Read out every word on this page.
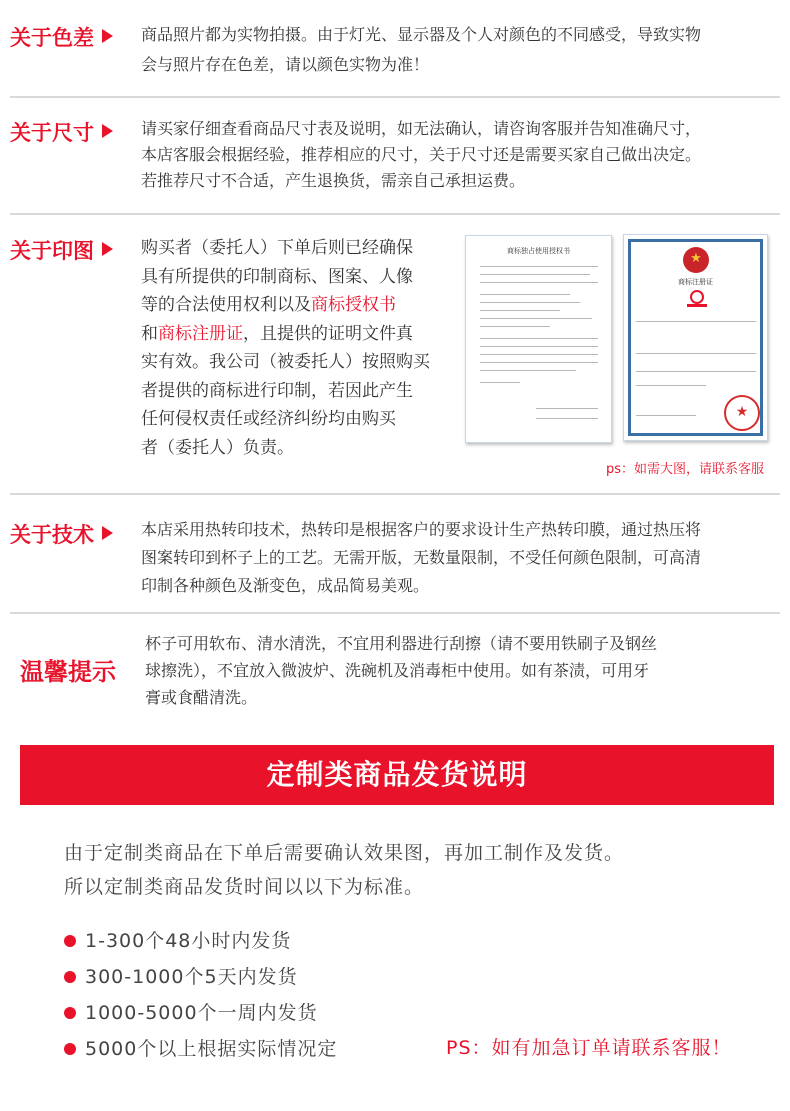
关于色差	商品照片都为实物拍摄。由于灯光、显示器及个人对颜色的不同感受，导致实物
会与照片存在色差，请以颜色实物为准！
关于尺寸	请买家仔细查看商品尺寸表及说明，如无法确认，请咨询客服并告知准确尺寸，
本店客服会根据经验，推荐相应的尺寸，关于尺寸还是需要买家自己做出决定。
若推荐尺寸不合适，产生退换货，需亲自己承担运费。
关于印图	购买者（委托人）下单后则已经确保
具有所提供的印制商标、图案、人像
等的合法使用权利以及商标授权书
和商标注册证，且提供的证明文件真
实有效。我公司（被委托人）按照购买
者提供的商标进行印制，若因此产生
任何侵权责任或经济纠纷均由购买
者（委托人）负责。
商标独占使用授权书
★
商标注册证
★
ps：如需大图，请联系客服
关于技术	本店采用热转印技术，热转印是根据客户的要求设计生产热转印膜，通过热压将
图案转印到杯子上的工艺。无需开版，无数量限制，不受任何颜色限制，可高清
印制各种颜色及渐变色，成品简易美观。
温馨提示
杯子可用软布、清水清洗，不宜用利器进行刮擦（请不要用铁刷子及钢丝
球擦洗），不宜放入微波炉、洗碗机及消毒柜中使用。如有茶渍，可用牙
膏或食醋清洗。
定制类商品发货说明
由于定制类商品在下单后需要确认效果图，再加工制作及发货。
所以定制类商品发货时间以以下为标准。
1-300个48小时内发货
300-1000个5天内发货
1000-5000个一周内发货
5000个以上根据实际情况定	PS：如有加急订单请联系客服！
